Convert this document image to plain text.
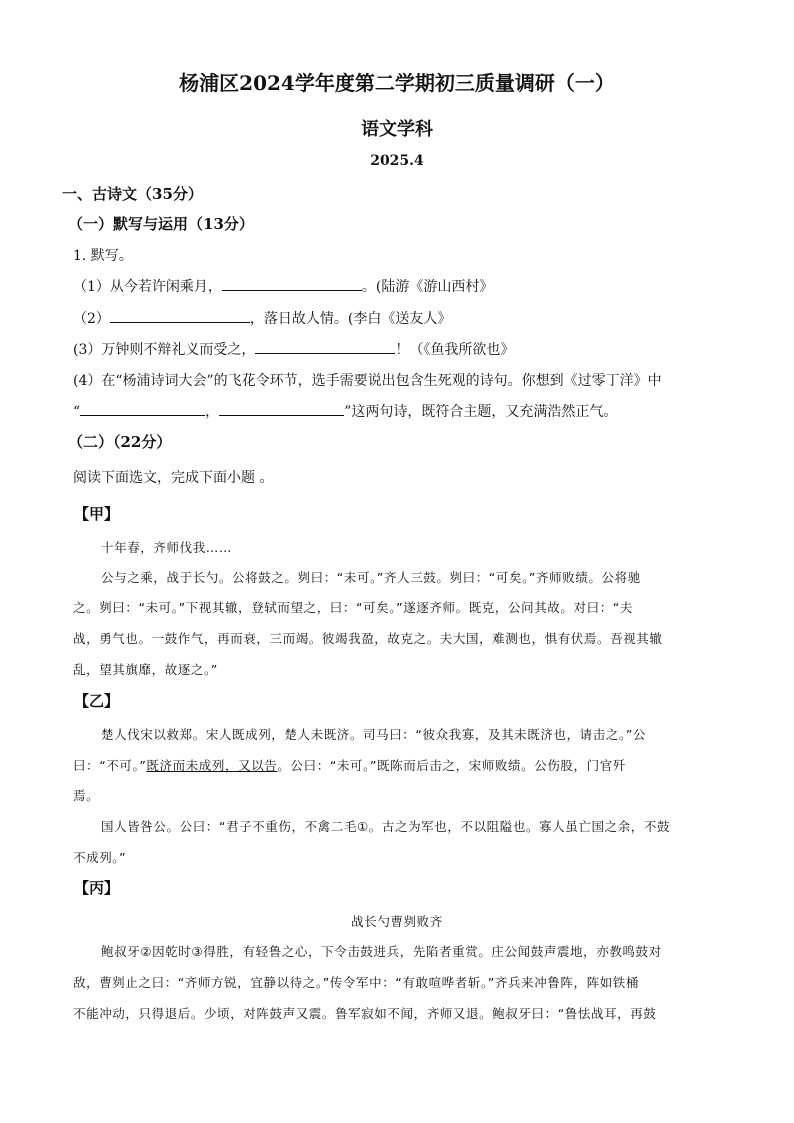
杨浦区2024学年度第二学期初三质量调研（一）
语文学科
2025.4
一、古诗文（35分）
（一）默写与运用（13分）
1. 默写。
（1）从今若许闲乘月，	。(陆游《游山西村》
（2）	，落日故人情。(李白《送友人》
(3）万钟则不辩礼义而受之，	！（《鱼我所欲也》
(4）在“杨浦诗词大会”的飞花令环节，选手需要说出包含生死观的诗句。你想到《过零丁洋》中
“	，	”这两句诗，既符合主题，又充满浩然正气。
（二）（22分）
阅读下面选文，完成下面小题 。
【甲】
十年春，齐师伐我……
公与之乘，战于长勺。公将鼓之。刿曰：“未可。”齐人三鼓。刿曰：“可矣。”齐师败绩。公将驰
之。刿曰：“未可。”下视其辙，登轼而望之，曰：“可矣。”遂逐齐师。既克，公问其故。对曰：“夫
战，勇气也。一鼓作气，再而衰，三而竭。彼竭我盈，故克之。夫大国，难测也，惧有伏焉。吾视其辙
乱，望其旗靡，故逐之。”
【乙】
楚人伐宋以救郑。宋人既成列，楚人未既济。司马曰：“彼众我寡，及其未既济也，请击之。”公
曰：“不可。”既济而未成列，又以告。公曰：“未可。”既陈而后击之，宋师败绩。公伤股，门官歼
焉。
国人皆咎公。公曰：“君子不重伤，不禽二毛①。古之为军也，不以阻隘也。寡人虽亡国之余，不鼓
不成列。”
【丙】
战长勺曹刿败齐
鲍叔牙②因乾时③得胜，有轻鲁之心，下令击鼓进兵，先陷者重赏。庄公闻鼓声震地，亦教鸣鼓对
敌，曹刿止之曰：“齐师方锐，宜静以待之。”传令军中：“有敢喧哗者斩。”齐兵来冲鲁阵，阵如铁桶
不能冲动，只得退后。少顷，对阵鼓声又震。鲁军寂如不闻，齐师又退。鲍叔牙曰：“鲁怯战耳，再鼓
